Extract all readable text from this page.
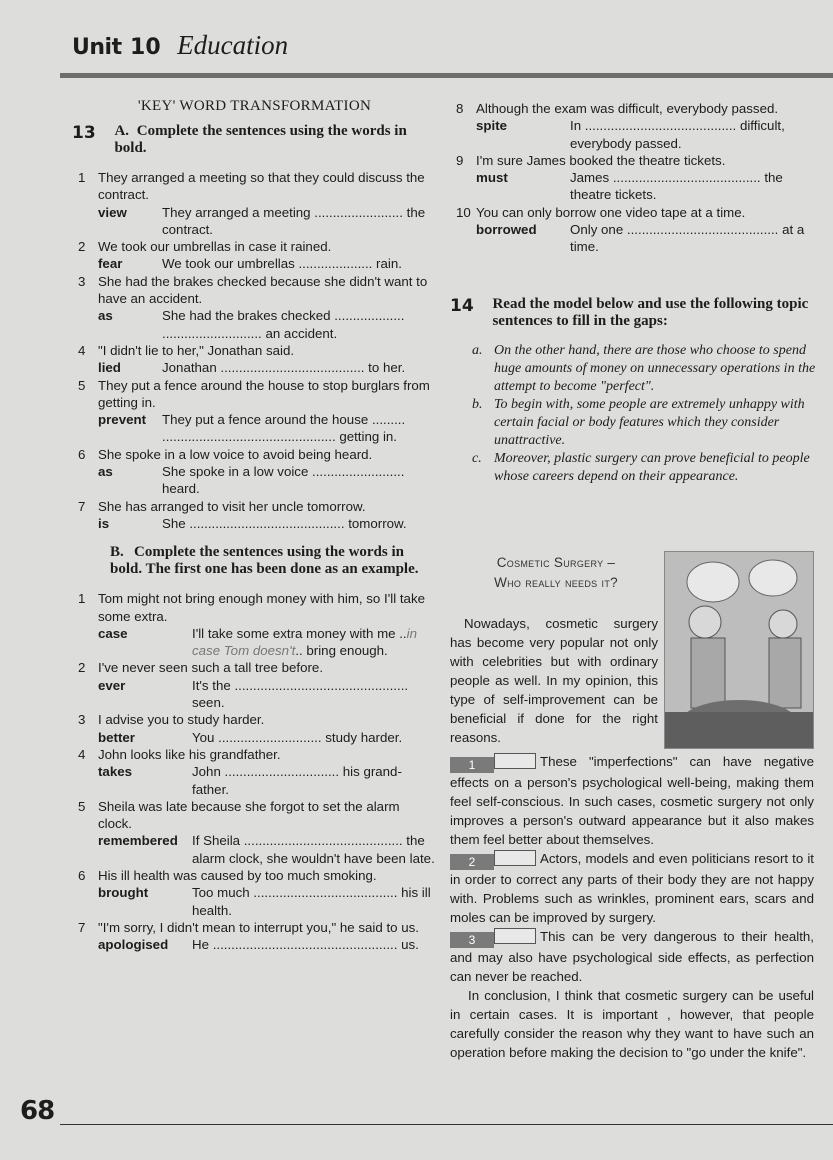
Unit 10 Education
'KEY' WORD TRANSFORMATION
13 A. Complete the sentences using the words in bold.
1 They arranged a meeting so that they could discuss the contract.
view	They arranged a meeting ........................ the contract.
2 We took our umbrellas in case it rained.
fear	We took our umbrellas .................... rain.
3 She had the brakes checked because she didn't want to have an accident.
as	She had the brakes checked ................... ........................... an accident.
4 "I didn't lie to her," Jonathan said.
lied	Jonathan ....................................... to her.
5 They put a fence around the house to stop burglars from getting in.
prevent They put a fence around the house ......... ............................................... getting in.
6 She spoke in a low voice to avoid being heard.
as	She spoke in a low voice ......................... heard.
7 She has arranged to visit her uncle tomorrow.
is	She .......................................... tomorrow.
B. Complete the sentences using the words in bold. The first one has been done as an example.
1 Tom might not bring enough money with him, so I'll take some extra.
case	I'll take some extra money with me ..in case Tom doesn't.. bring enough.
2 I've never seen such a tall tree before.
ever	It's the ............................................... seen.
3 I advise you to study harder.
better	You ............................ study harder.
4 John looks like his grandfather.
takes	John ............................... his grand-father.
5 Sheila was late because she forgot to set the alarm clock.
remembered If Sheila ........................................... the alarm clock, she wouldn't have been late.
6 His ill health was caused by too much smoking.
brought	Too much ....................................... his ill health.
7 "I'm sorry, I didn't mean to interrupt you," he said to us.
apologised He .................................................. us.
8 Although the exam was difficult, everybody passed.
spite	In ......................................... difficult, everybody passed.
9 I'm sure James booked the theatre tickets.
must	James ........................................ the theatre tickets.
10 You can only borrow one video tape at a time.
borrowed	Only one ......................................... at a time.
14 Read the model below and use the following topic sentences to fill in the gaps:
a. On the other hand, there are those who choose to spend huge amounts of money on unnecessary operations in the attempt to become "perfect".
b. To begin with, some people are extremely unhappy with certain facial or body features which they consider unattractive.
c. Moreover, plastic surgery can prove beneficial to people whose careers depend on their appearance.
Cosmetic Surgery –
Who really needs it?
Nowadays, cosmetic surgery has become very popular not only with celebrities but with ordinary people as well. In my opinion, this type of self-improvement can be beneficial if done for the right reasons.
1	These "imperfections" can have negative effects on a person's psychological well-being, making them feel self-conscious. In such cases, cosmetic surgery not only improves a person's outward appearance but it also makes them feel better about themselves.
2	Actors, models and even politicians resort to it in order to correct any parts of their body they are not happy with. Problems such as wrinkles, prominent ears, scars and moles can be improved by surgery.
3	This can be very dangerous to their health, and may also have psychological side effects, as perfection can never be reached.
In conclusion, I think that cosmetic surgery can be useful in certain cases. It is important , however, that people carefully consider the reason why they want to have such an operation before making the decision to "go under the knife".
68
